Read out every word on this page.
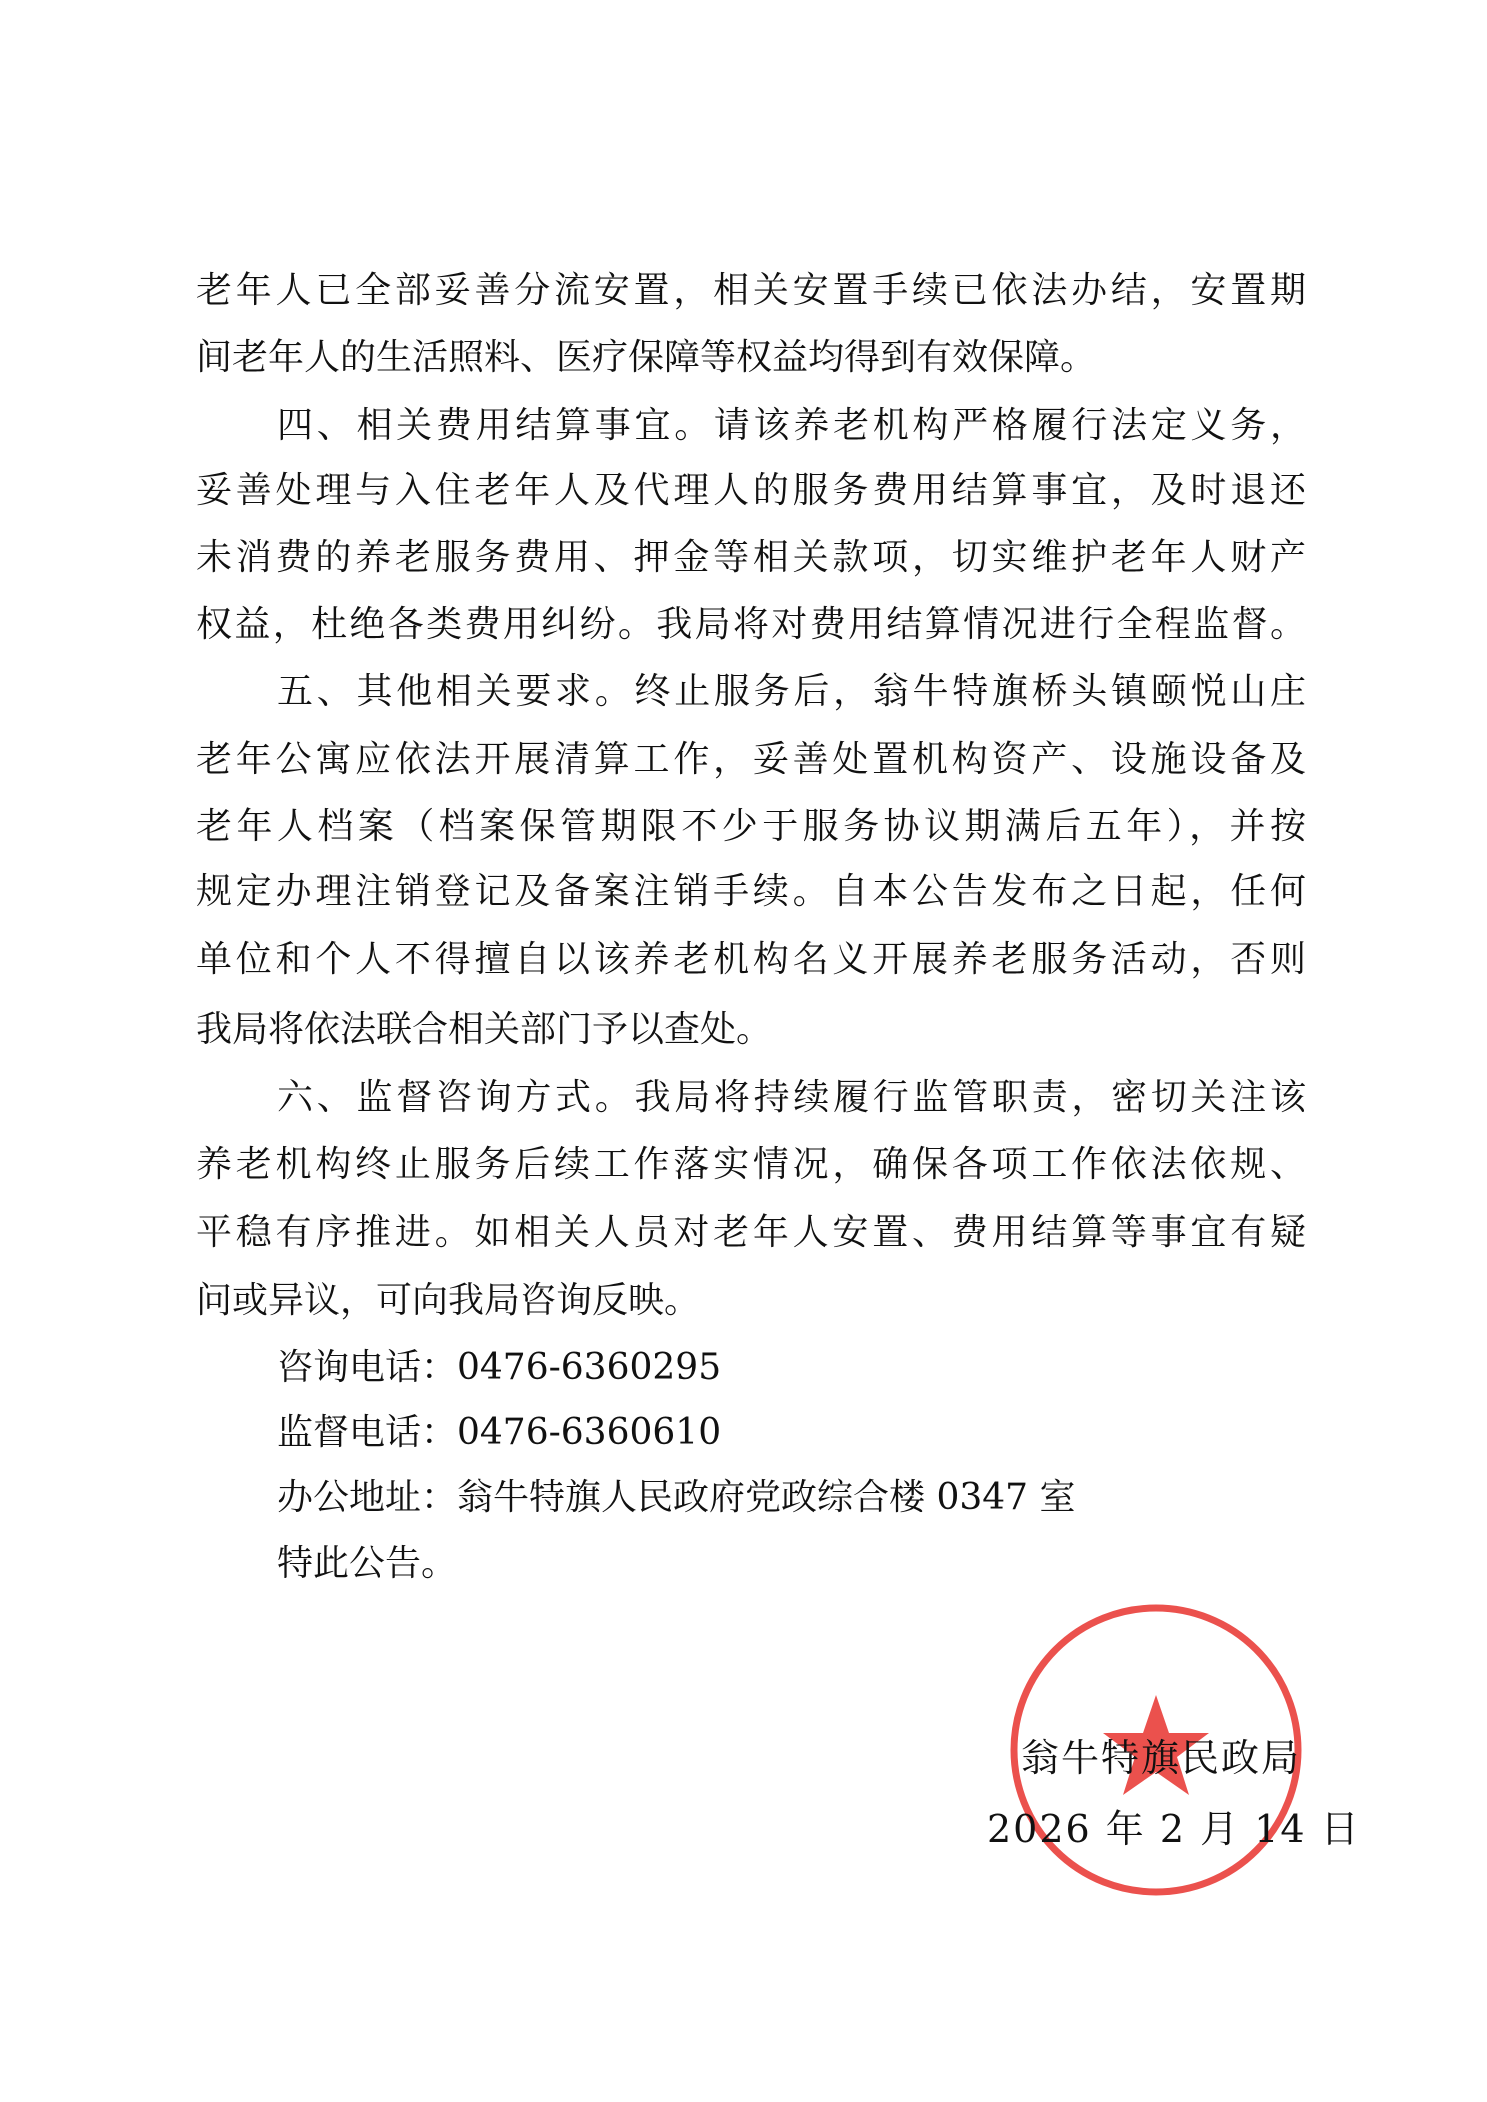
老年人已全部妥善分流安置，相关安置手续已依法办结，安置期
间老年人的生活照料、医疗保障等权益均得到有效保障。
四、相关费用结算事宜。请该养老机构严格履行法定义务，
妥善处理与入住老年人及代理人的服务费用结算事宜，及时退还
未消费的养老服务费用、押金等相关款项，切实维护老年人财产
权益，杜绝各类费用纠纷。我局将对费用结算情况进行全程监督。
五、其他相关要求。终止服务后，翁牛特旗桥头镇颐悦山庄
老年公寓应依法开展清算工作，妥善处置机构资产、设施设备及
老年人档案（档案保管期限不少于服务协议期满后五年），并按
规定办理注销登记及备案注销手续。自本公告发布之日起，任何
单位和个人不得擅自以该养老机构名义开展养老服务活动，否则
我局将依法联合相关部门予以查处。
六、监督咨询方式。我局将持续履行监管职责，密切关注该
养老机构终止服务后续工作落实情况，确保各项工作依法依规、
平稳有序推进。如相关人员对老年人安置、费用结算等事宜有疑
问或异议，可向我局咨询反映。
咨询电话：0476-6360295
监督电话：0476-6360610
办公地址：翁牛特旗人民政府党政综合楼 0347 室
特此公告。
翁牛特旗民政局
2026 年 2 月 14 日
